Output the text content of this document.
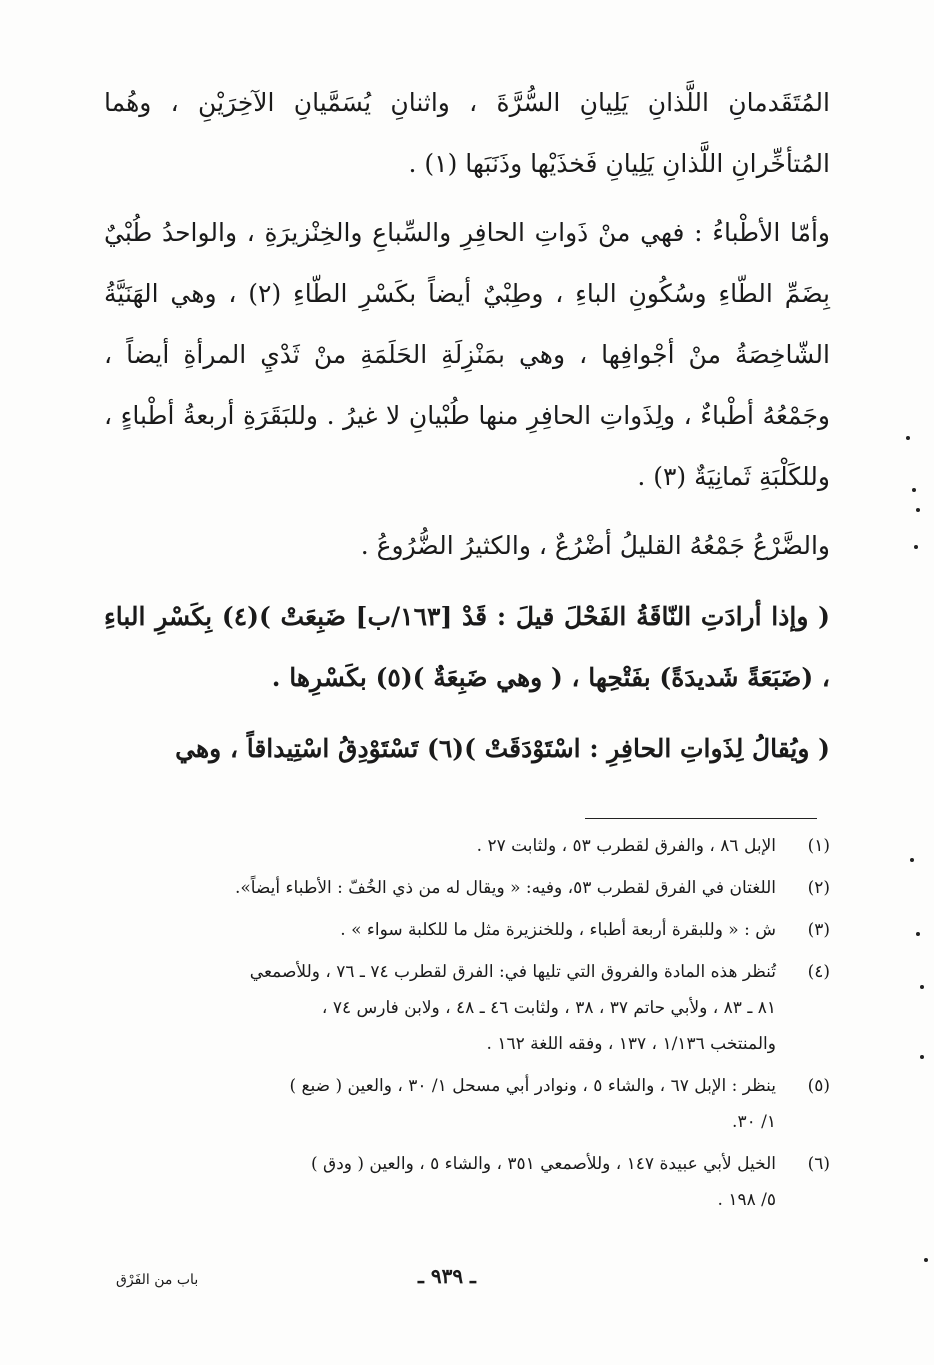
المُتَقَدمانِ اللَّذانِ يَلِيانِ السُّرَّةَ ، واثنانِ يُسَمَّيانِ الآخِرَيْنِ ، وهُما المُتأخِّرانِ اللَّذانِ يَلِيانِ فَخذَيْها وذَنَبَها (١) .

وأمّا الأطْباءُ : فهي منْ ذَواتِ الحافِرِ والسِّباعِ والخِنْزيرَةِ ، والواحدُ طُبْيٌ بِضَمِّ الطّاءِ وسُكُونِ الباءِ ، وطِبْيٌ أيضاً بكَسْرِ الطّاءِ (٢) ، وهي الهَنَيَّةُ الشّاخِصَةُ منْ أجْوافِها ، وهي بمَنْزِلَةِ الحَلَمَةِ منْ ثَدْيِ المرأةِ أيضاً ، وجَمْعُهُ أطْباءٌ ، ولِذَواتِ الحافِرِ منها طُبْيانِ لا غيرُ . وللبَقَرَةِ أربعةُ أطْباءٍ ، وللكَلْبَةِ ثَمانِيَةٌ (٣) .

والضَّرْعُ جَمْعُهُ القليلُ أضْرُعٌ ، والكثيرُ الضُّرُوعُ .

( وإذا أرادَتِ النّاقَةُ الفَحْلَ قيلَ : قَدْ [١٦٣/ب] ضَبِعَتْ )(٤) بِكَسْرِ الباءِ ، (ضَبَعَةً شَديدَةً) بفَتْحِها ، ( وهي ضَبِعَةٌ )(٥) بكَسْرِها .

( ويُقالُ لِذَواتِ الحافِرِ : اسْتَوْدَقَتْ )(٦) تَسْتَوْدِقُ اسْتِيداقاً ، وهي

(١)
الإبل ٨٦ ، والفرق لقطرب ٥٣ ، ولثابت ٢٧ .
(٢)
اللغتان في الفرق لقطرب ٥٣، وفيه: « ويقال له من ذي الخُفّ : الأطباء أيضاً».
(٣)
ش : « وللبقرة أربعة أطباء ، وللخنزيرة مثل ما للكلبة سواء » .
(٤)
تُنظر هذه المادة والفروق التي تليها في: الفرق لقطرب ٧٤ ـ ٧٦ ، وللأصمعي
٨١ ـ ٨٣ ، ولأبي حاتم ٣٧ ، ٣٨ ، ولثابت ٤٦ ـ ٤٨ ، ولابن فارس ٧٤ ،
والمنتخب ١/١٣٦ ، ١٣٧ ، وفقه اللغة ١٦٢ .
(٥)
ينظر : الإبل ٦٧ ، والشاء ٥ ، ونوادر أبي مسحل ١/ ٣٠ ، والعين ( ضبع )
١/ ٣٠.
(٦)
الخيل لأبي عبيدة ١٤٧ ، وللأصمعي ٣٥١ ، والشاء ٥ ، والعين ( ودق )
٥/ ١٩٨ .
ـ ٩٣٩ ـ
باب من الفَرْق
